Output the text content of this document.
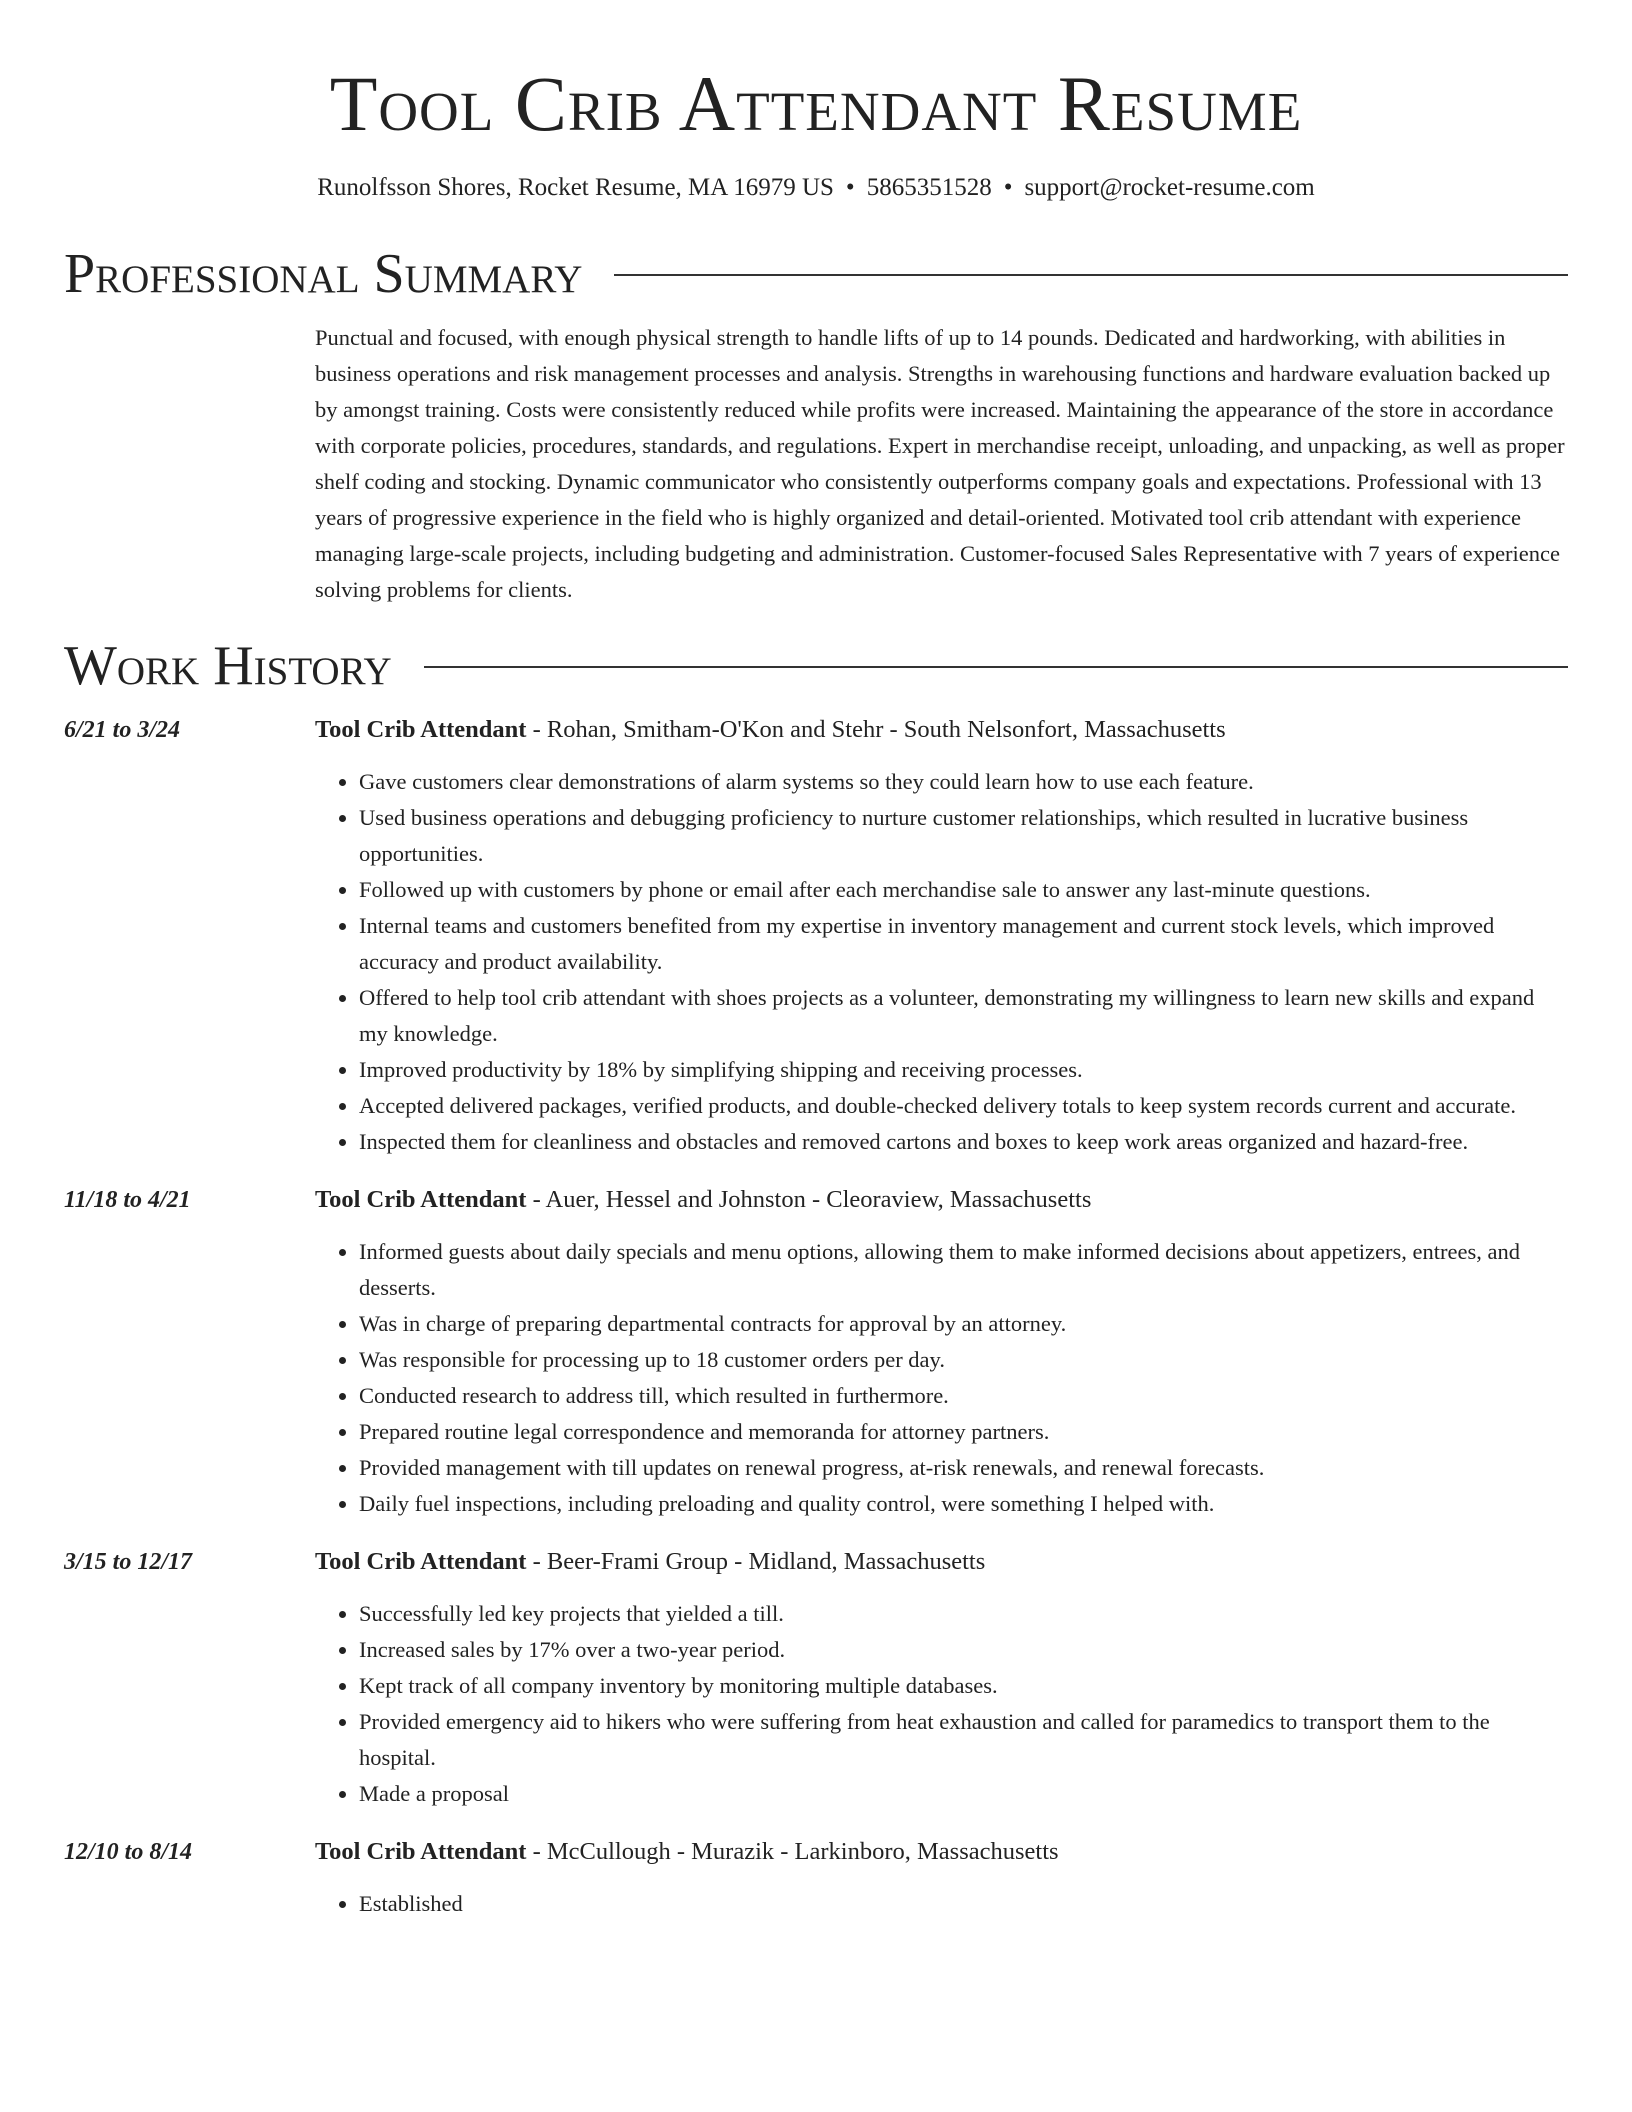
Tool Crib Attendant Resume
Runolfsson Shores, Rocket Resume, MA 16979 US • 5865351528 • support@rocket-resume.com
Professional Summary
Punctual and focused, with enough physical strength to handle lifts of up to 14 pounds. Dedicated and hardworking, with abilities in business operations and risk management processes and analysis. Strengths in warehousing functions and hardware evaluation backed up by amongst training. Costs were consistently reduced while profits were increased. Maintaining the appearance of the store in accordance with corporate policies, procedures, standards, and regulations. Expert in merchandise receipt, unloading, and unpacking, as well as proper shelf coding and stocking. Dynamic communicator who consistently outperforms company goals and expectations. Professional with 13 years of progressive experience in the field who is highly organized and detail-oriented. Motivated tool crib attendant with experience managing large-scale projects, including budgeting and administration. Customer-focused Sales Representative with 7 years of experience solving problems for clients.
Work History
6/21 to 3/24	Tool Crib Attendant - Rohan, Smitham-O'Kon and Stehr - South Nelsonfort, Massachusetts
• Gave customers clear demonstrations of alarm systems so they could learn how to use each feature.
• Used business operations and debugging proficiency to nurture customer relationships, which resulted in lucrative business opportunities.
• Followed up with customers by phone or email after each merchandise sale to answer any last-minute questions.
• Internal teams and customers benefited from my expertise in inventory management and current stock levels, which improved accuracy and product availability.
• Offered to help tool crib attendant with shoes projects as a volunteer, demonstrating my willingness to learn new skills and expand my knowledge.
• Improved productivity by 18% by simplifying shipping and receiving processes.
• Accepted delivered packages, verified products, and double-checked delivery totals to keep system records current and accurate.
• Inspected them for cleanliness and obstacles and removed cartons and boxes to keep work areas organized and hazard-free.
11/18 to 4/21	Tool Crib Attendant - Auer, Hessel and Johnston - Cleoraview, Massachusetts
• Informed guests about daily specials and menu options, allowing them to make informed decisions about appetizers, entrees, and desserts.
• Was in charge of preparing departmental contracts for approval by an attorney.
• Was responsible for processing up to 18 customer orders per day.
• Conducted research to address till, which resulted in furthermore.
• Prepared routine legal correspondence and memoranda for attorney partners.
• Provided management with till updates on renewal progress, at-risk renewals, and renewal forecasts.
• Daily fuel inspections, including preloading and quality control, were something I helped with.
3/15 to 12/17	Tool Crib Attendant - Beer-Frami Group - Midland, Massachusetts
• Successfully led key projects that yielded a till.
• Increased sales by 17% over a two-year period.
• Kept track of all company inventory by monitoring multiple databases.
• Provided emergency aid to hikers who were suffering from heat exhaustion and called for paramedics to transport them to the hospital.
• Made a proposal
12/10 to 8/14	Tool Crib Attendant - McCullough - Murazik - Larkinboro, Massachusetts
• Established
